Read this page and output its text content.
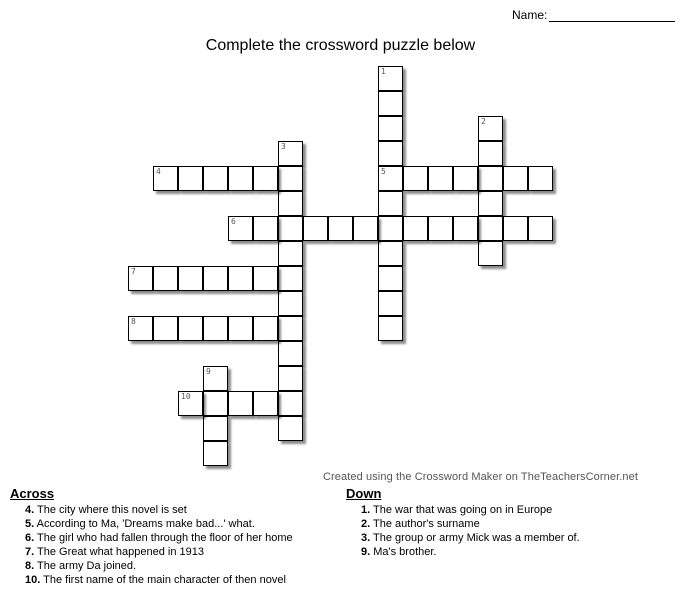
Name:
Complete the crossword puzzle below
1
5
2
3
4
6
7
8
9
10
Created using the Crossword Maker on TheTeachersCorner.net
Across
4. The city where this novel is set
5. According to Ma, 'Dreams make bad...' what.
6. The girl who had fallen through the floor of her home
7. The Great what happened in 1913
8. The army Da joined.
10. The first name of the main character of then novel
Down
1. The war that was going on in Europe
2. The author's surname
3. The group or army Mick was a member of.
9. Ma's brother.
